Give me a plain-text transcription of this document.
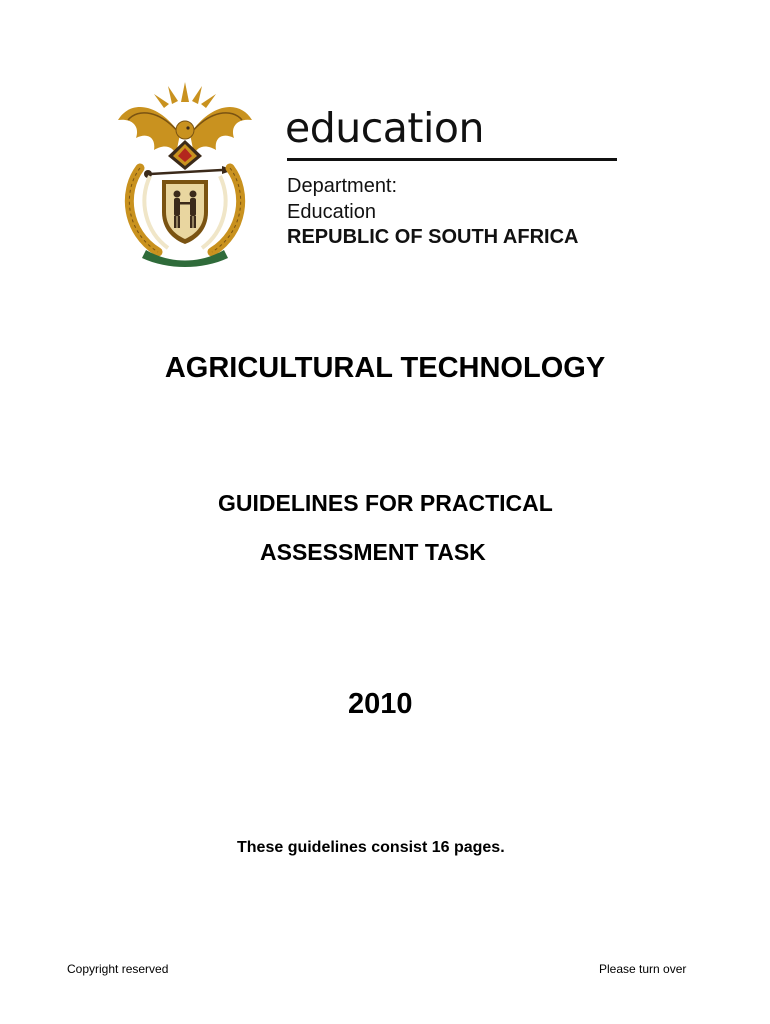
education
Department:
Education
REPUBLIC OF SOUTH AFRICA
AGRICULTURAL TECHNOLOGY
GUIDELINES FOR PRACTICAL
ASSESSMENT TASK
2010
These guidelines consist 16 pages.
Copyright reserved	Please turn over
